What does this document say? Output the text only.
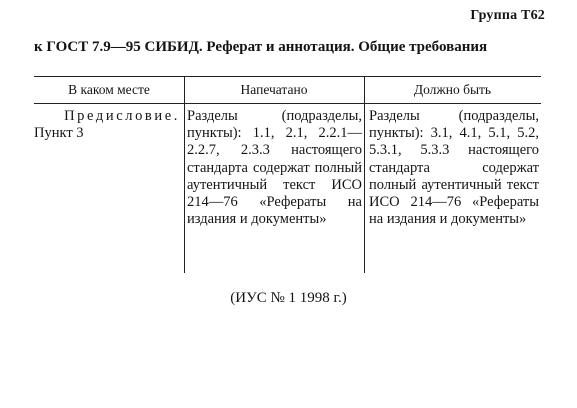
Группа Т62
к ГОСТ 7.9—95 СИБИД. Реферат и аннотация. Общие требования
В каком месте	Напечатано	Должно быть
Предисловие.
Пункт 3
Разделы (подразделы, пункты): 1.1, 2.1, 2.2.1—2.2.7, 2.3.3 настоящего стандарта содержат полный аутентичный текст ИСО 214—76 «Рефераты на издания и документы»
Разделы (подразделы, пункты): 3.1, 4.1, 5.1, 5.2, 5.3.1, 5.3.3 настоящего стандарта содержат полный аутентичный текст ИСО 214—76 «Рефераты на издания и документы»
(ИУС № 1 1998 г.)
